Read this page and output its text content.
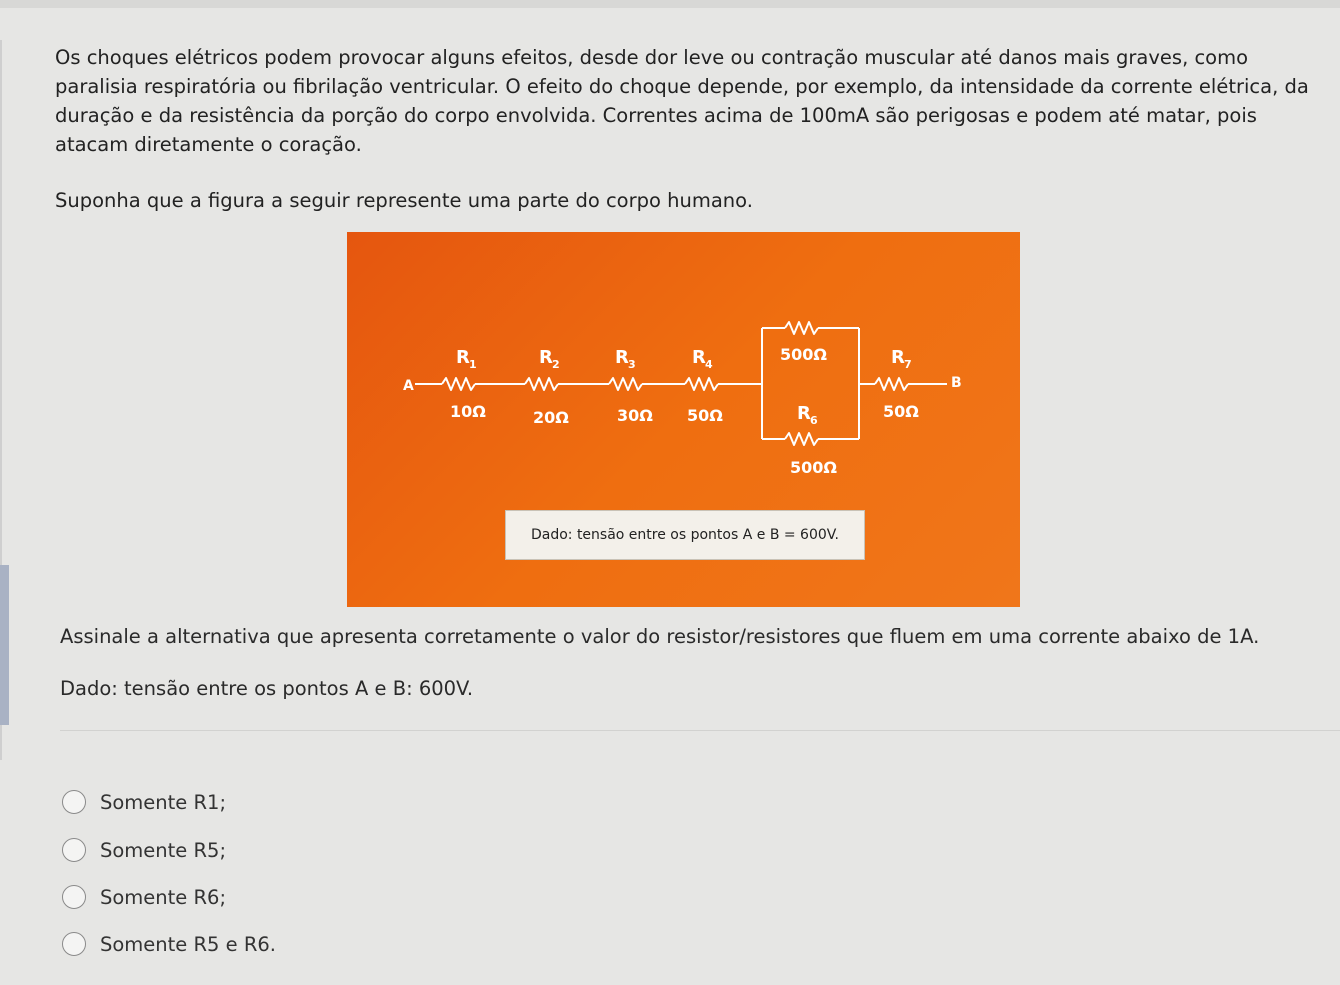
Os choques elétricos podem provocar alguns efeitos, desde dor leve ou contração muscular até danos mais graves, como paralisia respiratória ou fibrilação ventricular. O efeito do choque depende, por exemplo, da intensidade da corrente elétrica, da duração e da resistência da porção do corpo envolvida. Correntes acima de 100mA são perigosas e podem até matar, pois atacam diretamente o coração.

Suponha que a figura a seguir represente uma parte do corpo humano.

A	B
R 1
10Ω
R 2
20Ω
R 3
30Ω
R 4
50Ω
500Ω
R 6
500Ω
R 7
50Ω
Dado: tensão entre os pontos A e B = 600V.
Assinale a alternativa que apresenta corretamente o valor do resistor/resistores que fluem em uma corrente abaixo de 1A.
Dado: tensão entre os pontos A e B: 600V.
Somente R1;
Somente R5;
Somente R6;
Somente R5 e R6.
